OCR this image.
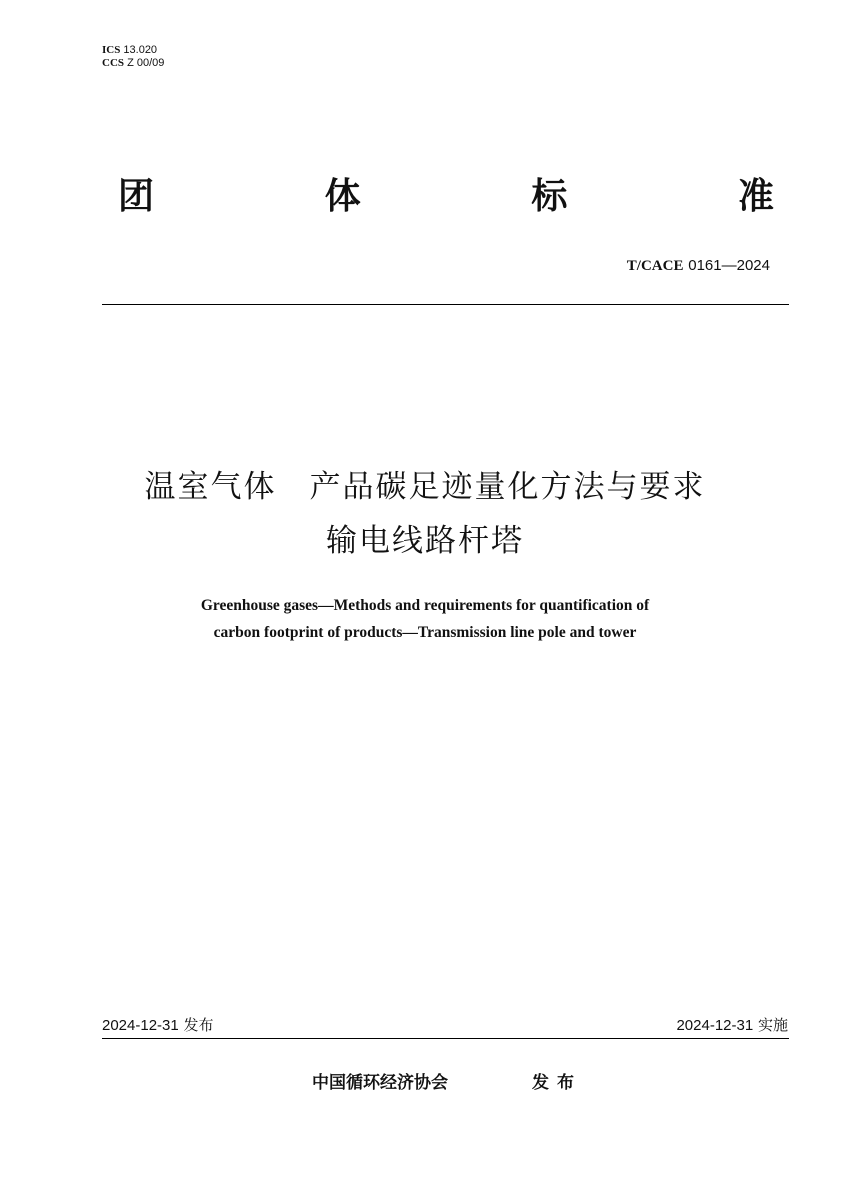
ICS 13.020
CCS Z 00/09
团	体	标	准
T/CACE 0161—2024
温室气体　产品碳足迹量化方法与要求
输电线路杆塔
Greenhouse gases—Methods and requirements for quantification of
carbon footprint of products—Transmission line pole and tower
2024-12-31 发布	2024-12-31 实施
中国循环经济协会	发布
